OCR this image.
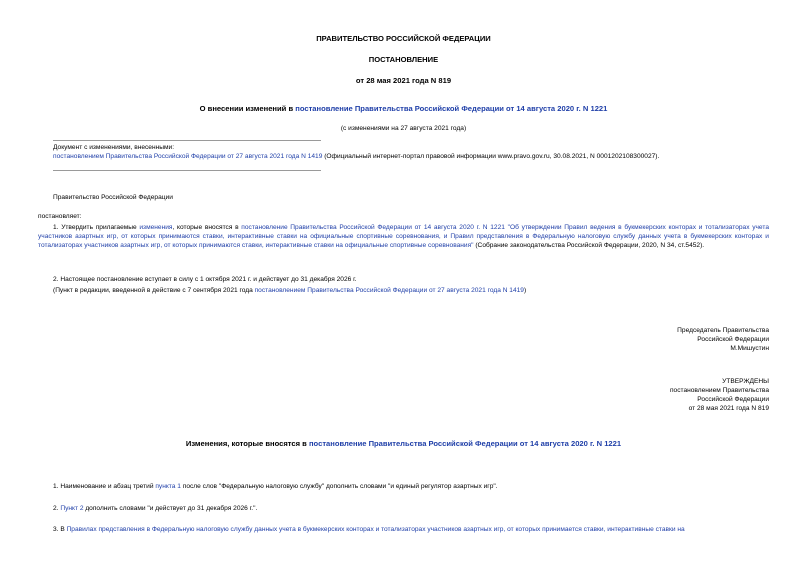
ПРАВИТЕЛЬСТВО РОССИЙСКОЙ ФЕДЕРАЦИИ
ПОСТАНОВЛЕНИЕ
от 28 мая 2021 года N 819
О внесении изменений в постановление Правительства Российской Федерации от 14 августа 2020 г. N 1221
(с изменениями на 27 августа 2021 года)

Документ с изменениями, внесенными:

постановлением Правительства Российской Федерации от 27 августа 2021 года N 1419 (Официальный интернет-портал правовой информации www.pravo.gov.ru, 30.08.2021, N 0001202108300027).

Правительство Российской Федерации
постановляет:
1. Утвердить прилагаемые изменения, которые вносятся в постановление Правительства Российской Федерации от 14 августа 2020 г. N 1221 "Об утверждении Правил ведения в букмекерских конторах и тотализаторах учета участников азартных игр, от которых принимаются ставки, интерактивные ставки на официальные спортивные соревнования, и Правил представления в Федеральную налоговую службу данных учета в букмекерских конторах и тотализаторах участников азартных игр, от которых принимаются ставки, интерактивные ставки на официальные спортивные соревнования" (Собрание законодательства Российской Федерации, 2020, N 34, ст.5452).
2. Настоящее постановление вступает в силу с 1 октября 2021 г. и действует до 31 декабря 2026 г.
(Пункт в редакции, введенной в действие с 7 сентября 2021 года постановлением Правительства Российской Федерации от 27 августа 2021 года N 1419)

Председатель Правительства

Российской Федерации

М.Мишустин

УТВЕРЖДЕНЫ

постановлением Правительства

Российской Федерации

от 28 мая 2021 года N 819

Изменения, которые вносятся в постановление Правительства Российской Федерации от 14 августа 2020 г. N 1221
1. Наименование и абзац третий пункта 1 после слов "Федеральную налоговую службу" дополнить словами "и единый регулятор азартных игр".
2. Пункт 2 дополнить словами "и действует до 31 декабря 2026 г.".
3. В Правилах представления в Федеральную налоговую службу данных учета в букмекерских конторах и тотализаторах участников азартных игр, от которых принимается ставки, интерактивные ставки на
